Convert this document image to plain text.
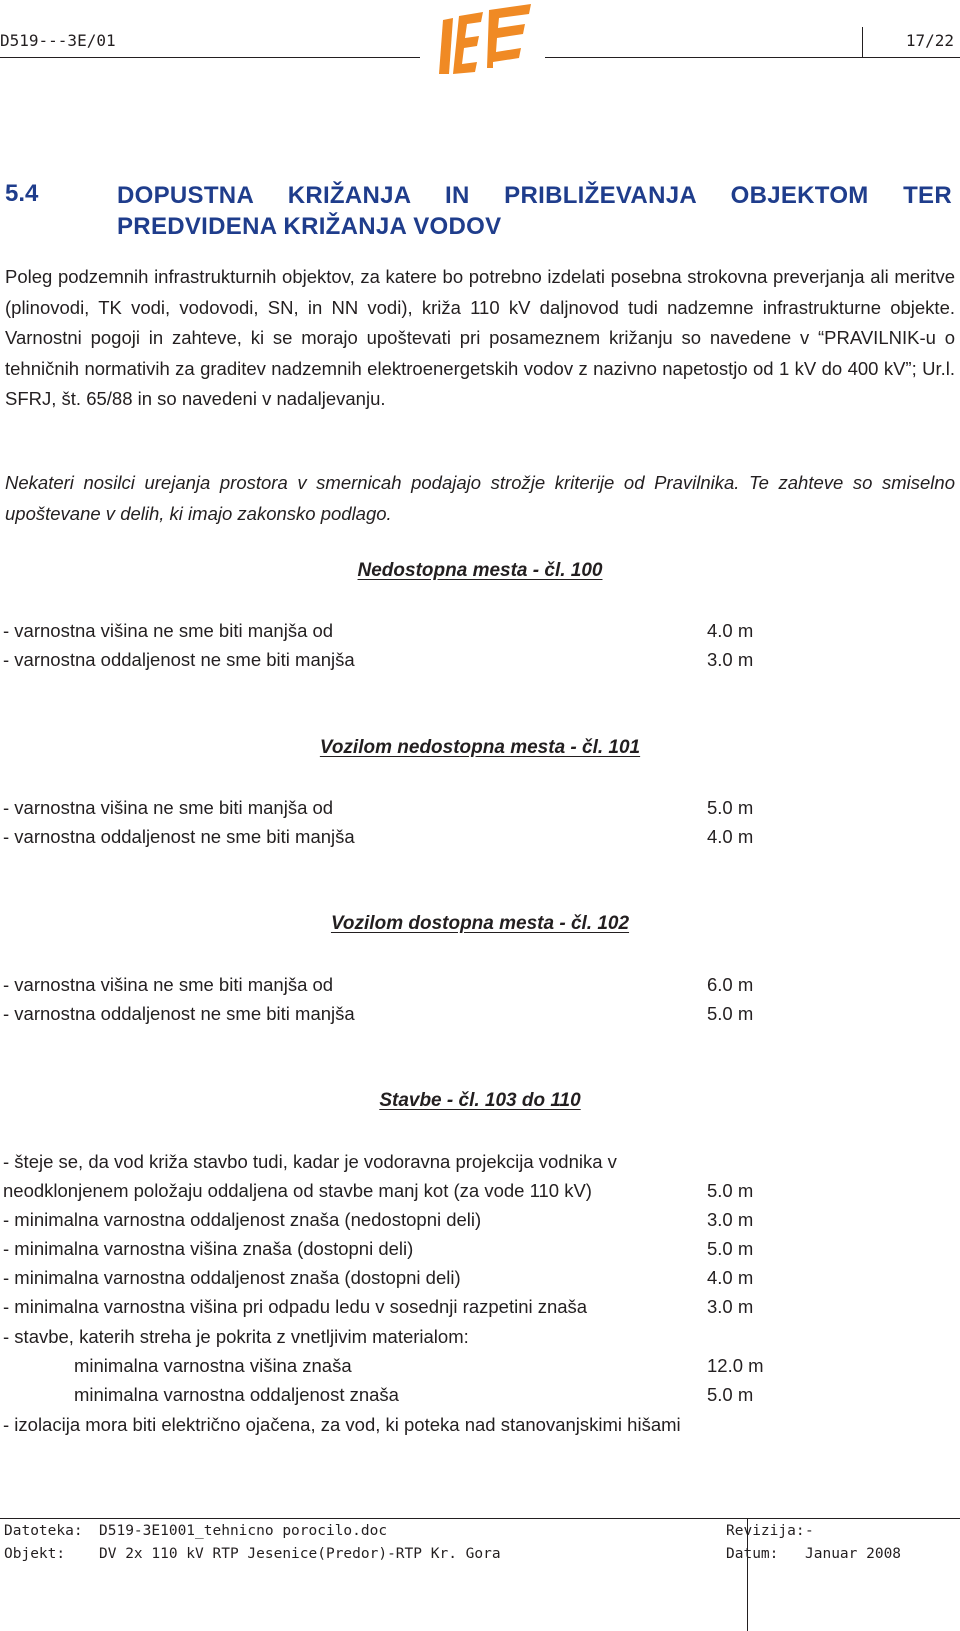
D519---3E/01	17/22
5.4	DOPUSTNA KRIŽANJA IN PRIBLIŽEVANJA OBJEKTOM TER PREDVIDENA KRIŽANJA VODOV
Poleg podzemnih infrastrukturnih objektov, za katere bo potrebno izdelati posebna strokovna preverjanja ali meritve (plinovodi, TK vodi, vodovodi, SN, in NN vodi), križa 110 kV daljnovod tudi nadzemne infrastrukturne objekte. Varnostni pogoji in zahteve, ki se morajo upoštevati pri posameznem križanju so navedene v “PRAVILNIK-u o tehničnih normativih za graditev nadzemnih elektroenergetskih vodov z nazivno napetostjo od 1 kV do 400 kV”; Ur.l. SFRJ, št. 65/88 in so navedeni v nadaljevanju.
Nekateri nosilci urejanja prostora v smernicah podajajo strožje kriterije od Pravilnika. Te zahteve so smiselno upoštevane v delih, ki imajo zakonsko podlago.
Nedostopna mesta - čl. 100
- varnostna višina ne sme biti manjša od	4.0 m
- varnostna oddaljenost ne sme biti manjša	3.0 m
Vozilom nedostopna mesta - čl. 101
- varnostna višina ne sme biti manjša od	5.0 m
- varnostna oddaljenost ne sme biti manjša	4.0 m
Vozilom dostopna mesta - čl. 102
- varnostna višina ne sme biti manjša od	6.0 m
- varnostna oddaljenost ne sme biti manjša	5.0 m
Stavbe - čl. 103 do 110
- šteje se, da vod križa stavbo tudi, kadar je vodoravna projekcija vodnika v
neodklonjenem položaju oddaljena od stavbe manj kot (za vode 110 kV)	5.0 m
- minimalna varnostna oddaljenost znaša (nedostopni deli)	3.0 m
- minimalna varnostna višina znaša (dostopni deli)	5.0 m
- minimalna varnostna oddaljenost znaša (dostopni deli)	4.0 m
- minimalna varnostna višina pri odpadu ledu v sosednji razpetini znaša	3.0 m
- stavbe, katerih streha je pokrita z vnetljivim materialom:
minimalna varnostna višina znaša	12.0 m
minimalna varnostna oddaljenost znaša	5.0 m
- izolacija mora biti električno ojačena, za vod, ki poteka nad stanovanjskimi hišami
Datoteka: D519-3E1001_tehnicno porocilo.doc
Objekt: DV 2x 110 kV RTP Jesenice(Predor)-RTP Kr. Gora
Revizija: -
Datum: Januar 2008
